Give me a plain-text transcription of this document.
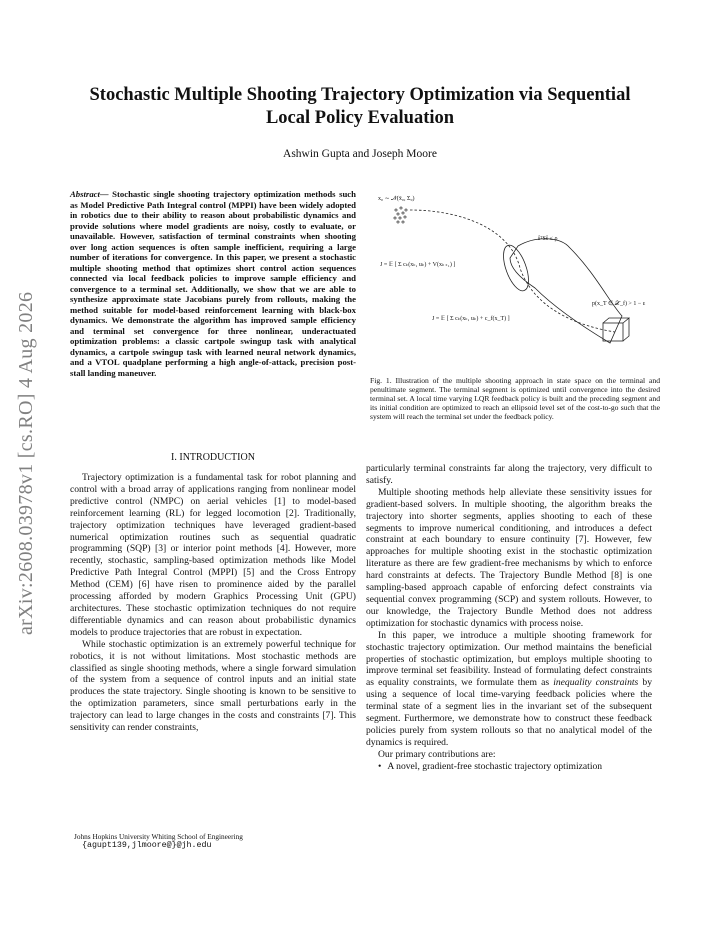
arXiv:2608.03978v1 [cs.RO] 4 Aug 2026
Stochastic Multiple Shooting Trajectory Optimization via Sequential Local Policy Evaluation
Ashwin Gupta and Joseph Moore
Abstract— Stochastic single shooting trajectory optimization methods such as Model Predictive Path Integral control (MPPI) have been widely adopted in robotics due to their ability to reason about probabilistic dynamics and provide solutions where model gradients are noisy, costly to evaluate, or unavailable. However, satisfaction of terminal constraints when shooting over long action sequences is often sample inefficient, requiring a large number of iterations for convergence. In this paper, we present a stochastic multiple shooting method that optimizes short control action sequences connected via local feedback policies to improve sample efficiency and convergence to a terminal set. Additionally, we show that we are able to synthesize approximate state Jacobians purely from rollouts, making the method suitable for model-based reinforcement learning with black-box dynamics. We demonstrate the algorithm has improved sample efficiency and terminal set convergence for three nonlinear, underactuated optimization problems: a classic cartpole swingup task with analytical dynamics, a cartpole swingup task with learned neural network dynamics, and a VTOL quadplane performing a high angle-of-attack, precision post-stall landing maneuver.
I. INTRODUCTION

Trajectory optimization is a fundamental task for robot planning and control with a broad array of applications ranging from nonlinear model predictive control (NMPC) on aerial vehicles [1] to model-based reinforcement learning (RL) for legged locomotion [2]. Traditionally, trajectory optimization techniques have leveraged gradient-based numerical optimization routines such as sequential quadratic programming (SQP) [3] or interior point methods [4]. However, more recently, stochastic, sampling-based optimization methods like Model Predictive Path Integral Control (MPPI) [5] and the Cross Entropy Method (CEM) [6] have risen to prominence aided by the parallel processing afforded by modern Graphics Processing Unit (GPU) architectures. These stochastic optimization techniques do not require differentiable dynamics and can reason about probabilistic dynamics models to produce trajectories that are robust in expectation.

While stochastic optimization is an extremely powerful technique for robotics, it is not without limitations. Most stochastic methods are classified as single shooting methods, where a single forward simulation of the system from a sequence of control inputs and an initial state produces the state trajectory. Single shooting is known to be sensitive to the optimization parameters, since small perturbations early in the trajectory can lead to large changes in the costs and constraints [7]. This sensitivity can render constraints,

Johns Hopkins University Whiting School of Engineering
{agupt139,jlmoore@}@jh.edu
x₀ ∼ 𝒩(x̄₀, Σ₀)
ŝᵀSŝ ≤ ρ
J = 𝔼 [ Σ cₖ(xₖ, uₖ) + V(xₖ₊₁) ]
J = 𝔼 [ Σ cₖ(xₖ, uₖ) + c_f(x_T) ]
p(x_T ∈ 𝒳_f) > 1 − ε
Fig. 1. Illustration of the multiple shooting approach in state space on the terminal and penultimate segment. The terminal segment is optimized until convergence into the desired terminal set. A local time varying LQR feedback policy is built and the preceding segment and its initial condition are optimized to reach an ellipsoid level set of the cost-to-go such that the system will reach the terminal set under the feedback policy.

particularly terminal constraints far along the trajectory, very difficult to satisfy.

Multiple shooting methods help alleviate these sensitivity issues for gradient-based solvers. In multiple shooting, the algorithm breaks the trajectory into shorter segments, applies shooting to each of these segments to improve numerical conditioning, and introduces a defect constraint at each boundary to ensure continuity [7]. However, few approaches for multiple shooting exist in the stochastic optimization literature as there are few gradient-free mechanisms by which to enforce hard constraints at defects. The Trajectory Bundle Method [8] is one sampling-based approach capable of enforcing defect constraints via sequential convex programming (SCP) and system rollouts. However, to our knowledge, the Trajectory Bundle Method does not address optimization for stochastic dynamics with process noise.

In this paper, we introduce a multiple shooting framework for stochastic trajectory optimization. Our method maintains the beneficial properties of stochastic optimization, but employs multiple shooting to improve terminal set feasibility. Instead of formulating defect constraints as equality constraints, we formulate them as inequality constraints by using a sequence of local time-varying feedback policies where the terminal state of a segment lies in the invariant set of the subsequent segment. Furthermore, we demonstrate how to construct these feedback policies purely from system rollouts so that no analytical model of the dynamics is required.

Our primary contributions are:

• A novel, gradient-free stochastic trajectory optimization
